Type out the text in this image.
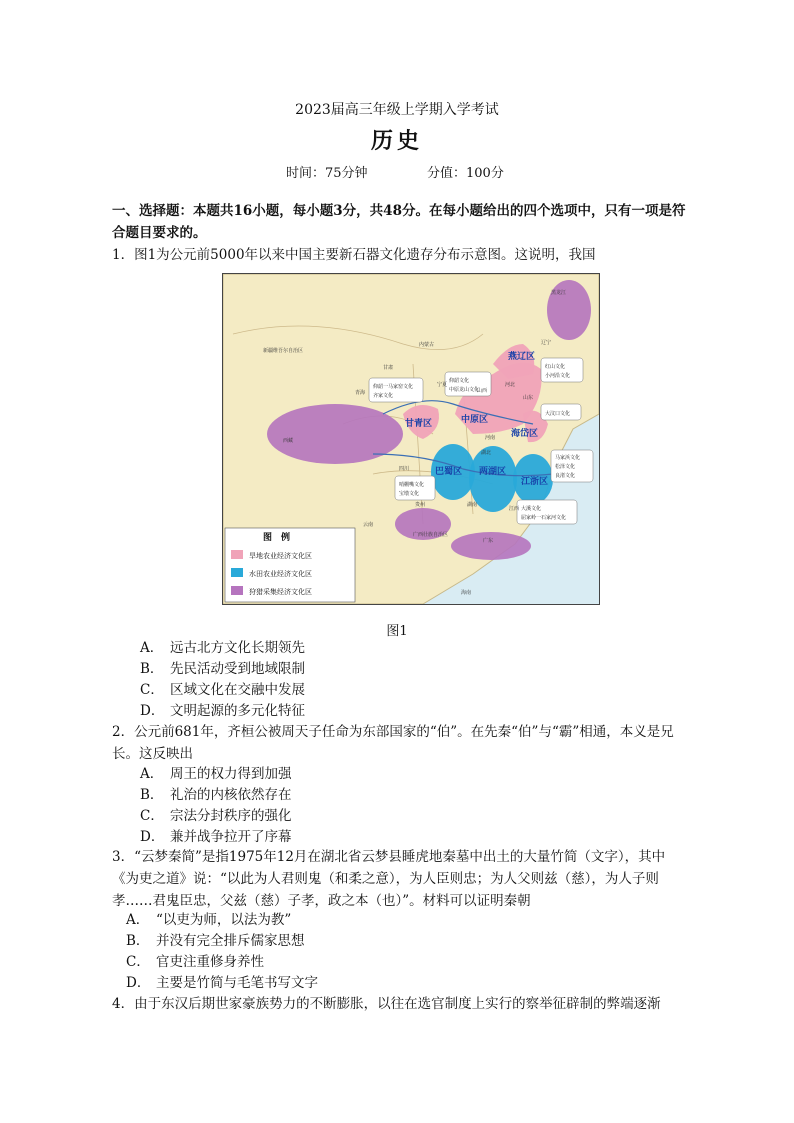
2023届高三年级上学期入学考试
历史
时间：75分钟	分值：100分
一、选择题：本题共16小题，每小题3分，共48分。在每小题给出的四个选项中，只有一项是符合题目要求的。
1．图1为公元前5000年以来中国主要新石器文化遗存分布示意图。这说明，我国
燕辽区
中原区
甘青区
海岱区
巴蜀区 两湖区
江浙区
红山文化
小河沿文化
仰韶文化
中原龙山文化
仰韶一马家窑文化
齐家文化
大汶口文化
马家浜文化
松泽文化
良渚文化
哨棚嘴文化
宝墩文化
大溪文化
屈家岭一石家河文化
新疆维吾尔自治区
西藏
青海
甘肃
宁夏
内蒙古
山西
河北
山东
河南
湖北
四川
云南
贵州
广西壮族自治区
广东
湖南
江西
海南
黑龙江
辽宁
图　例
旱地农业经济文化区
水田农业经济文化区
狩猎采集经济文化区
图1
A． 远古北方文化长期领先
B． 先民活动受到地域限制
C． 区域文化在交融中发展
D． 文明起源的多元化特征
2．公元前681年，齐桓公被周天子任命为东部国家的“伯”。在先秦“伯”与“霸”相通，本义是兄长。这反映出
A． 周王的权力得到加强
B． 礼治的内核依然存在
C． 宗法分封秩序的强化
D． 兼并战争拉开了序幕
3．“云梦秦简”是指1975年12月在湖北省云梦县睡虎地秦墓中出土的大量竹简（文字），其中《为吏之道》说：“以此为人君则鬼（和柔之意），为人臣则忠；为人父则兹（慈），为人子则孝……君鬼臣忠，父兹（慈）子孝，政之本（也）”。材料可以证明秦朝
A． “以吏为师，以法为教”
B． 并没有完全排斥儒家思想
C． 官吏注重修身养性
D． 主要是竹简与毛笔书写文字
4．由于东汉后期世家豪族势力的不断膨胀，以往在选官制度上实行的察举征辟制的弊端逐渐
